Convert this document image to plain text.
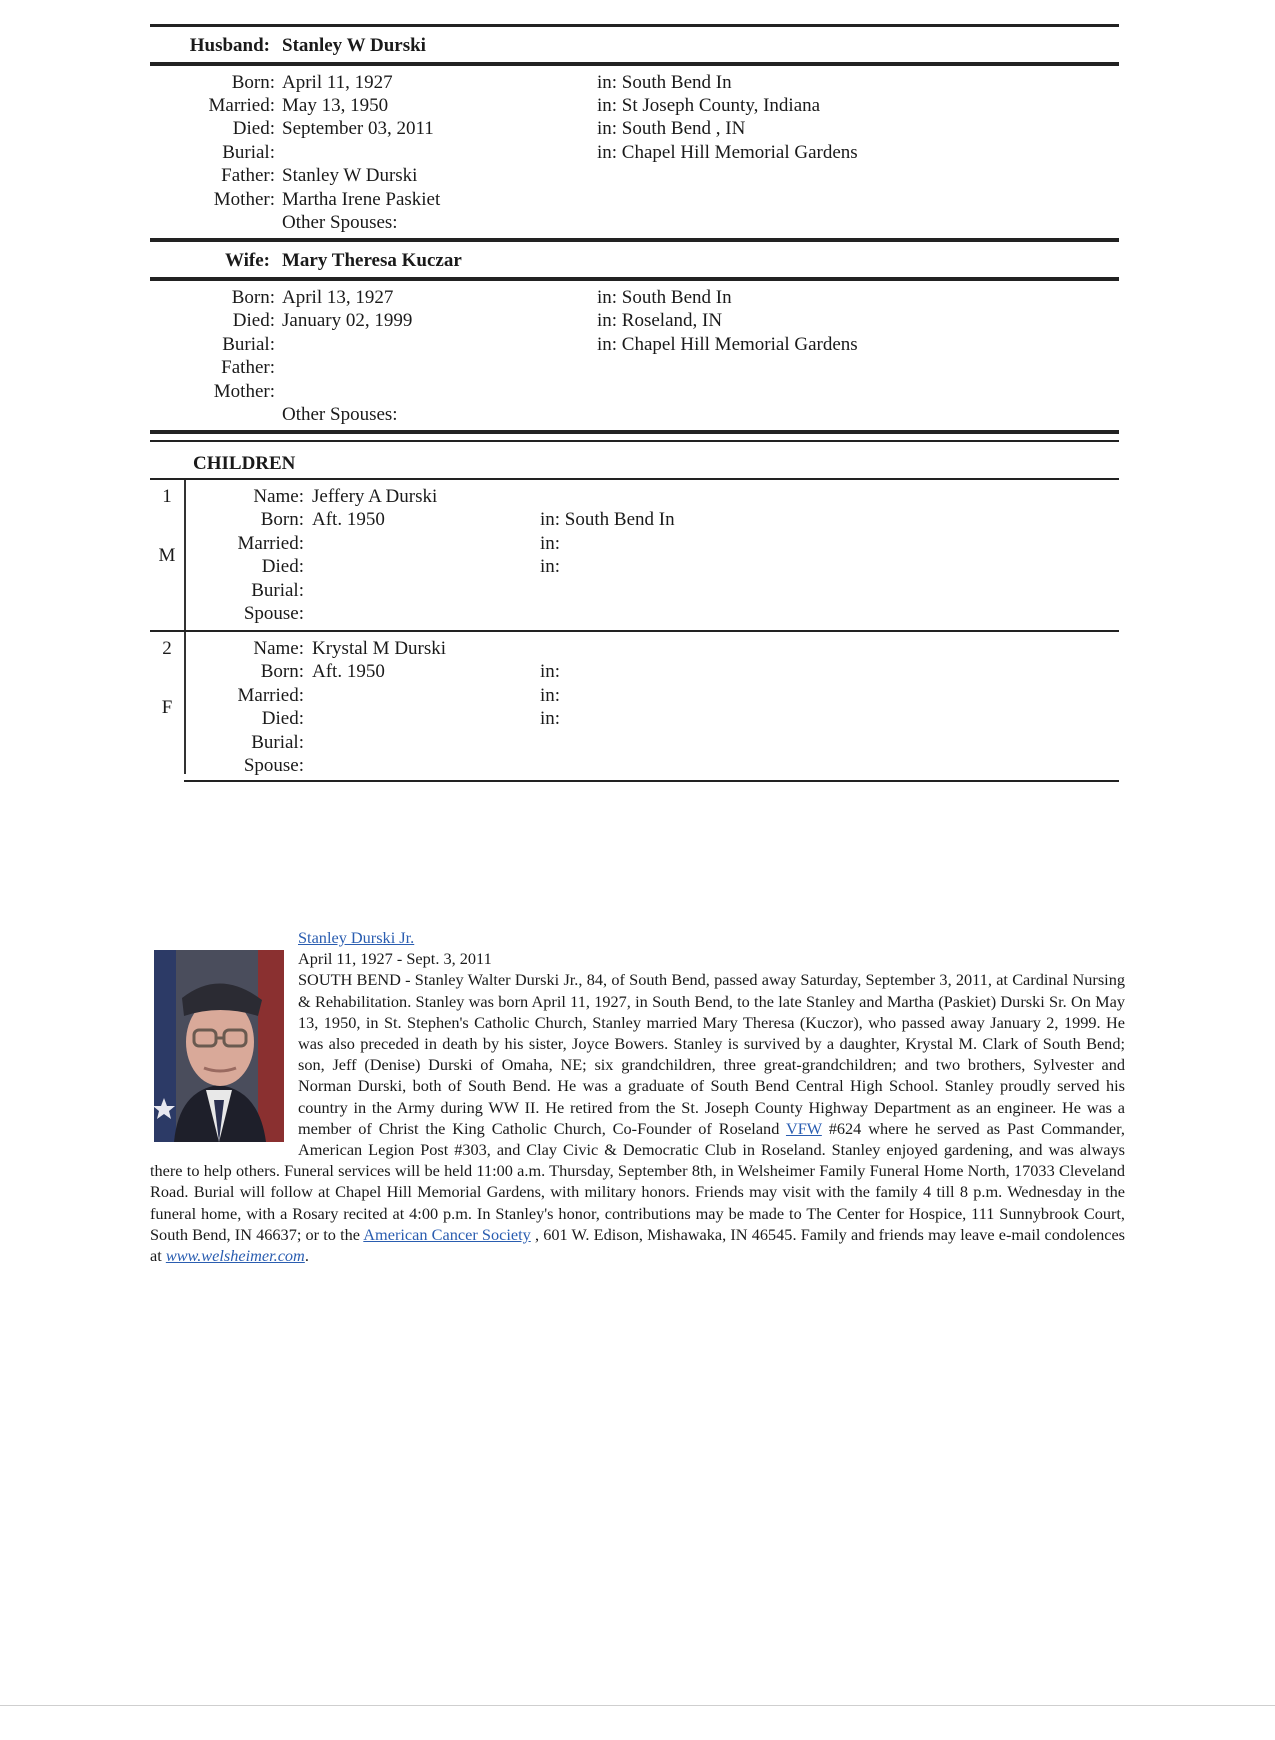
Husband: Stanley W Durski
Born: April 11, 1927	in: South Bend In
Married: May 13, 1950	in: St Joseph County, Indiana
Died: September 03, 2011	in: South Bend , IN
Burial:	in: Chapel Hill Memorial Gardens
Father: Stanley W Durski
Mother: Martha Irene Paskiet
Other Spouses:
Wife: Mary Theresa Kuczar
Born: April 13, 1927	in: South Bend In
Died: January 02, 1999	in: Roseland, IN
Burial:	in: Chapel Hill Memorial Gardens
Father:
Mother:
Other Spouses:
CHILDREN
1
M
Name: Jeffery A Durski
Born: Aft. 1950	in: South Bend In
Married:	in:
Died:	in:
Burial:
Spouse:
2
F
Name: Krystal M Durski
Born: Aft. 1950	in:
Married:	in:
Died:	in:
Burial:
Spouse:
Stanley Durski Jr.
April 11, 1927 - Sept. 3, 2011
SOUTH BEND - Stanley Walter Durski Jr., 84, of South Bend, passed away Saturday, September 3, 2011, at Cardinal Nursing & Rehabilitation. Stanley was born April 11, 1927, in South Bend, to the late Stanley and Martha (Paskiet) Durski Sr. On May 13, 1950, in St. Stephen's Catholic Church, Stanley married Mary Theresa (Kuczor), who passed away January 2, 1999. He was also preceded in death by his sister, Joyce Bowers. Stanley is survived by a daughter, Krystal M. Clark of South Bend; son, Jeff (Denise) Durski of Omaha, NE; six grandchildren, three great-grandchildren; and two brothers, Sylvester and Norman Durski, both of South Bend. He was a graduate of South Bend Central High School. Stanley proudly served his country in the Army during WW II. He retired from the St. Joseph County Highway Department as an engineer. He was a member of Christ the King Catholic Church, Co-Founder of Roseland VFW #624 where he served as Past Commander, American Legion Post #303, and Clay Civic & Democratic Club in Roseland. Stanley enjoyed gardening, and was always there to help others. Funeral services will be held 11:00 a.m. Thursday, September 8th, in Welsheimer Family Funeral Home North, 17033 Cleveland Road. Burial will follow at Chapel Hill Memorial Gardens, with military honors. Friends may visit with the family 4 till 8 p.m. Wednesday in the funeral home, with a Rosary recited at 4:00 p.m. In Stanley's honor, contributions may be made to The Center for Hospice, 111 Sunnybrook Court, South Bend, IN 46637; or to the American Cancer Society , 601 W. Edison, Mishawaka, IN 46545. Family and friends may leave e-mail condolences at www.welsheimer.com.
